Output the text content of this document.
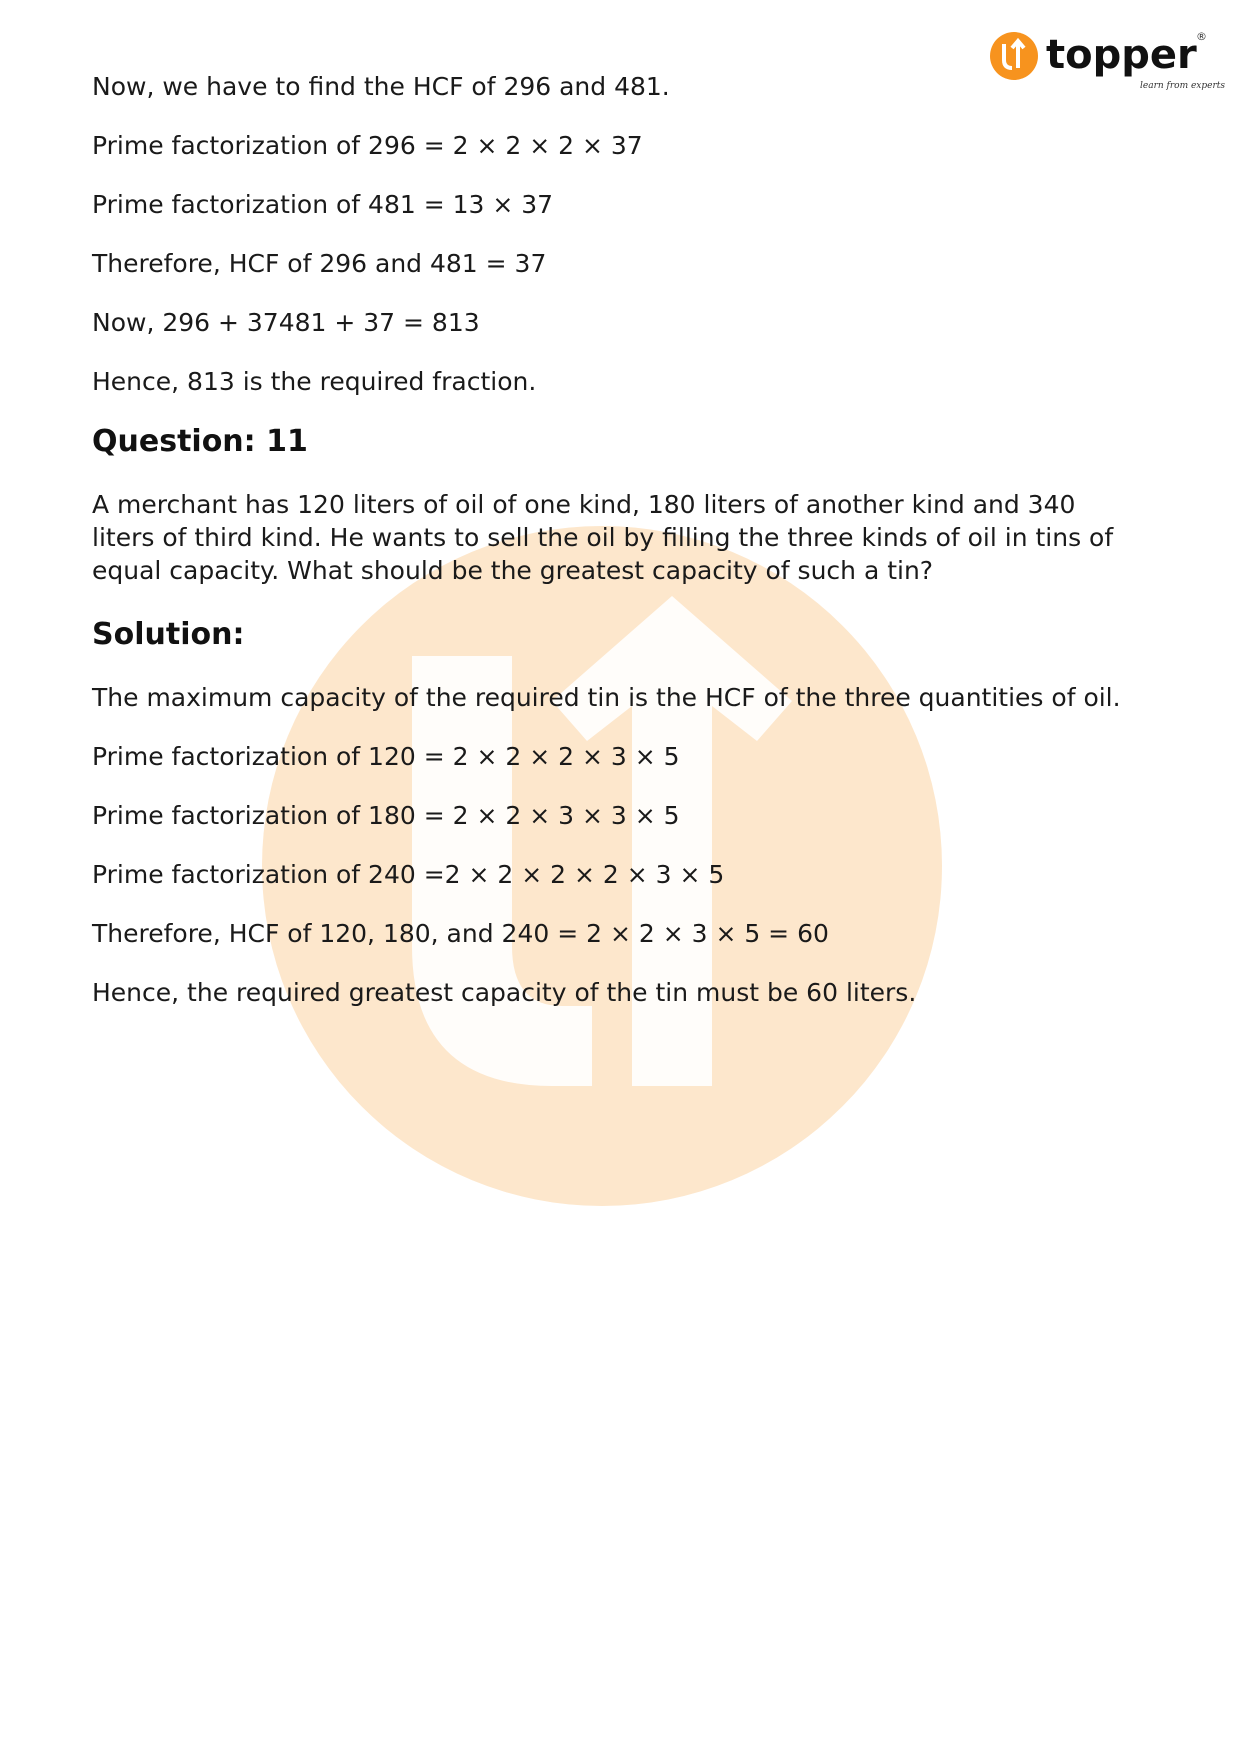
topper
learn from experts
®
Now, we have to find the HCF of 296 and 481.
Prime factorization of 296 = 2 × 2 × 2 × 37
Prime factorization of 481 = 13 × 37
Therefore, HCF of 296 and 481 = 37
Now, 296 + 37481 + 37 = 813
Hence, 813 is the required fraction.
Question: 11
A merchant has 120 liters of oil of one kind, 180 liters of another kind and 340 liters of third kind. He wants to sell the oil by filling the three kinds of oil in tins of equal capacity. What should be the greatest capacity of such a tin?
Solution:
The maximum capacity of the required tin is the HCF of the three quantities of oil.
Prime factorization of 120 = 2 × 2 × 2 × 3 × 5
Prime factorization of 180 = 2 × 2 × 3 × 3 × 5
Prime factorization of 240 =2 × 2 × 2 × 2 × 3 × 5
Therefore, HCF of 120, 180, and 240 = 2 × 2 × 3 × 5 = 60
Hence, the required greatest capacity of the tin must be 60 liters.
